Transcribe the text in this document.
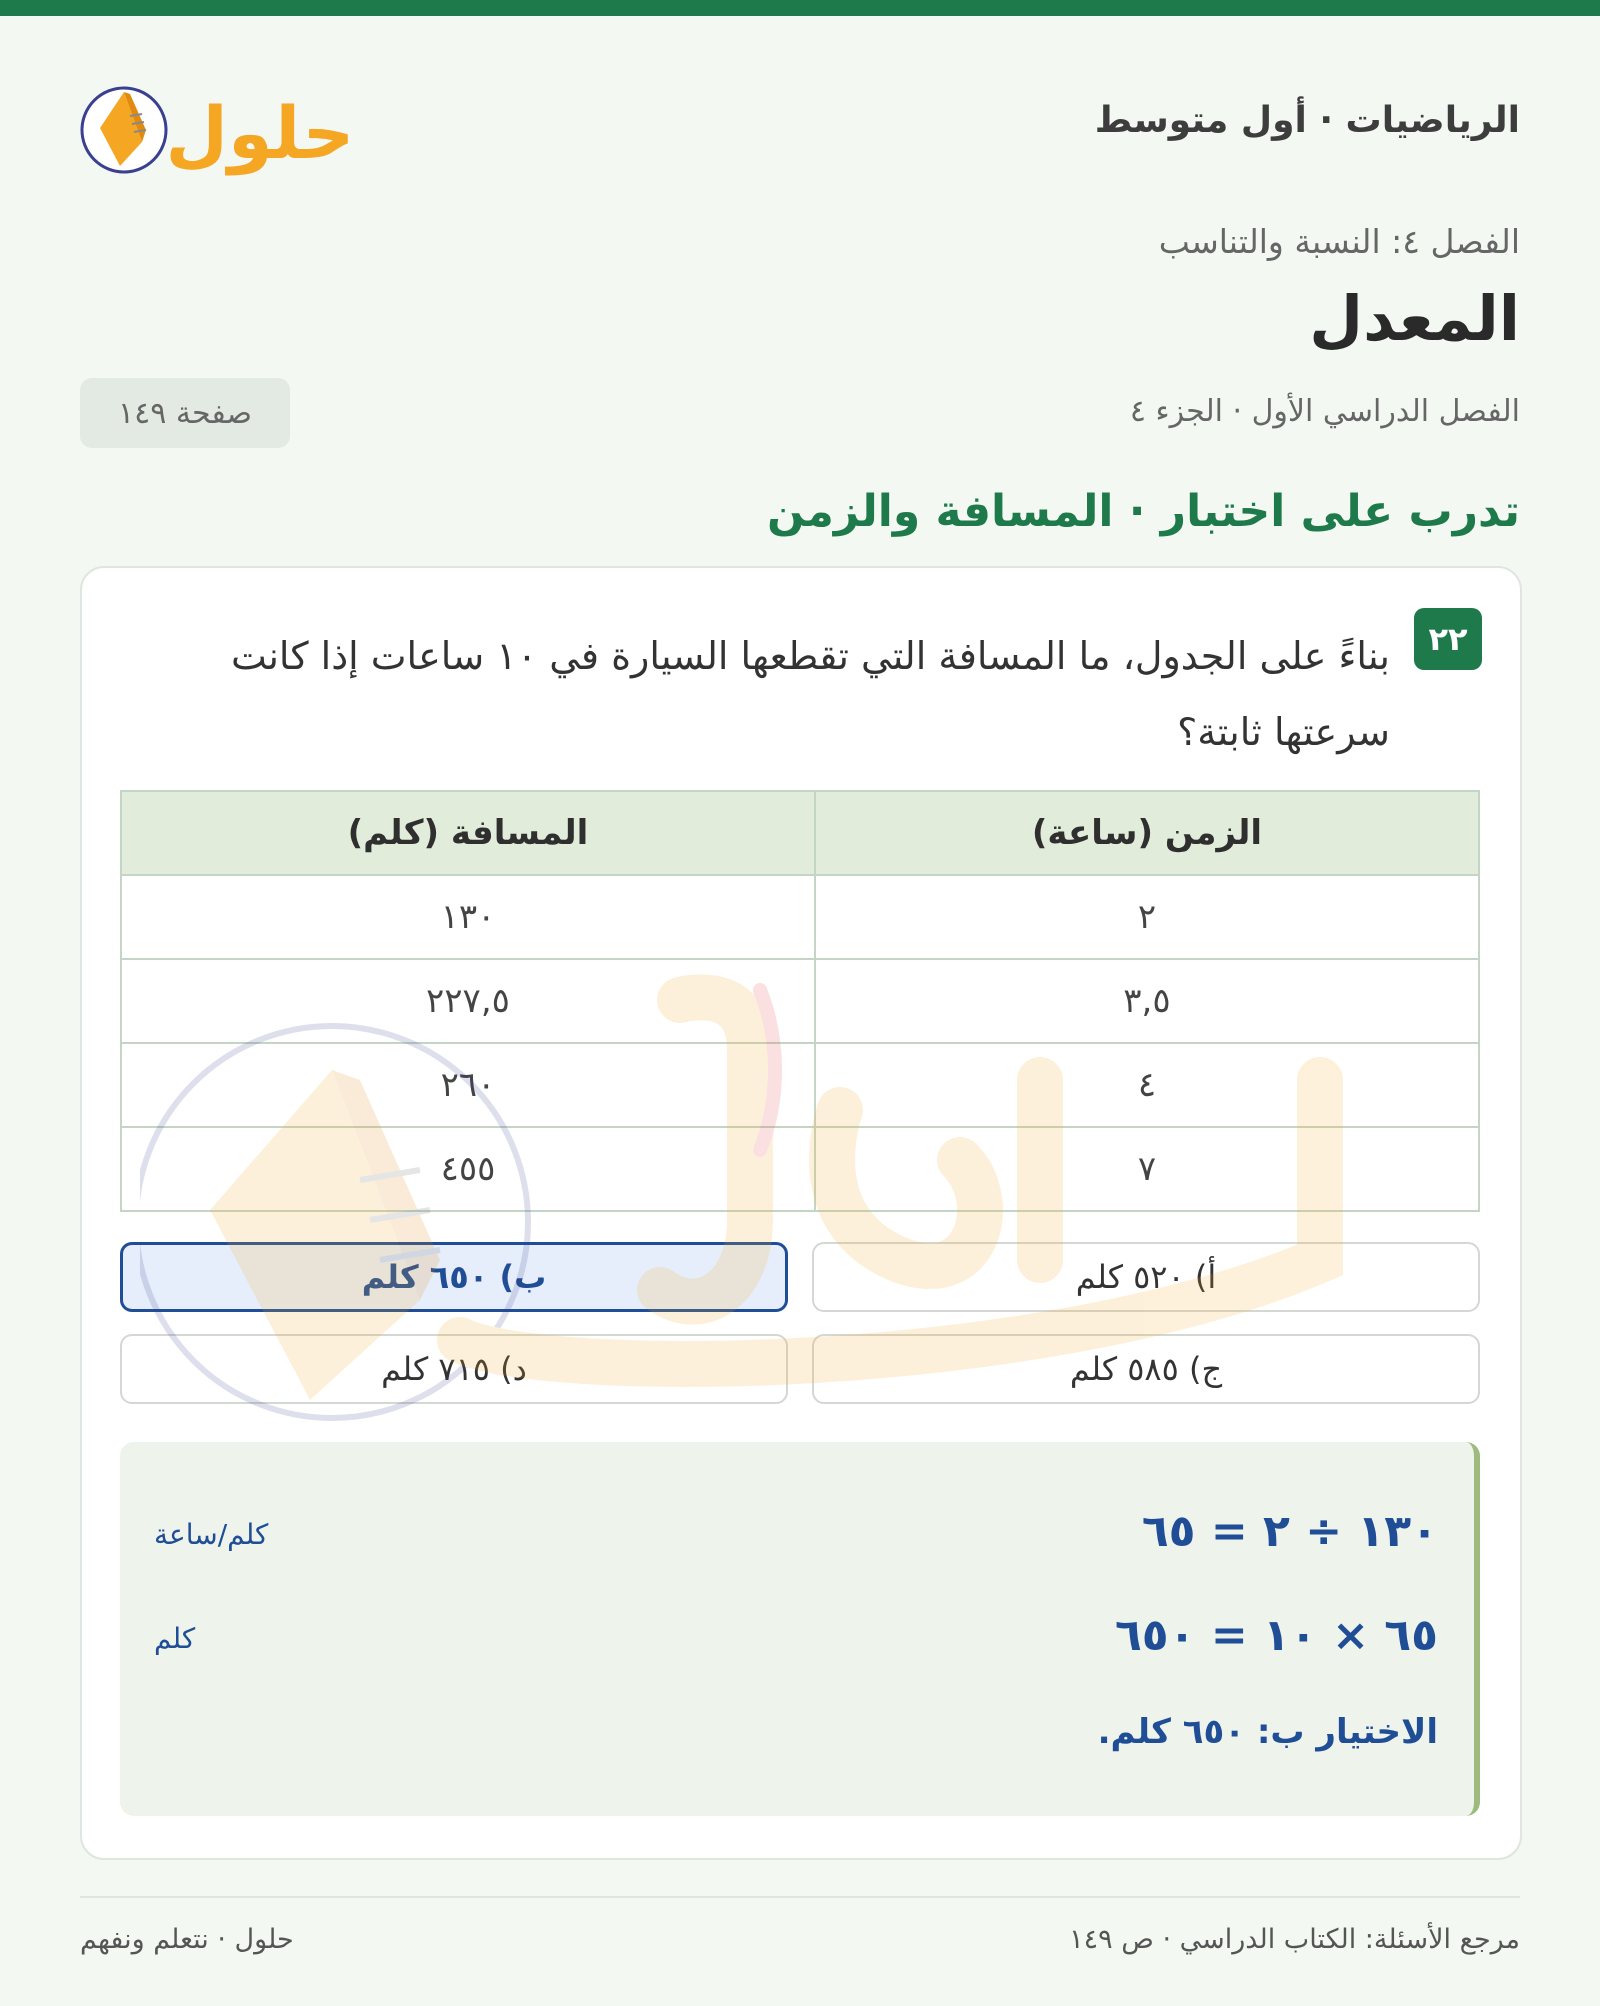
الرياضيات · أول متوسط
حلول
الفصل ٤: النسبة والتناسب
المعدل
الفصل الدراسي الأول · الجزء ٤
صفحة ١٤٩
تدرب على اختبار · المسافة والزمن
٢٢
بناءً على الجدول، ما المسافة التي تقطعها السيارة في ١٠ ساعات إذا كانت سرعتها ثابتة؟
الزمن (ساعة)	المسافة (كلم)
٢	١٣٠
٣,٥	٢٢٧,٥
٤	٢٦٠
٧	٤٥٥
أ) ٥٢٠ كلم
ب) ٦٥٠ كلم
ج) ٥٨٥ كلم
د) ٧١٥ كلم
١٣٠ ÷ ٢ = ٦٥
كلم/ساعة
٦٥ × ١٠ = ٦٥٠
كلم
الاختيار ب: ٦٥٠ كلم.
مرجع الأسئلة: الكتاب الدراسي · ص ١٤٩
حلول · نتعلم ونفهم
